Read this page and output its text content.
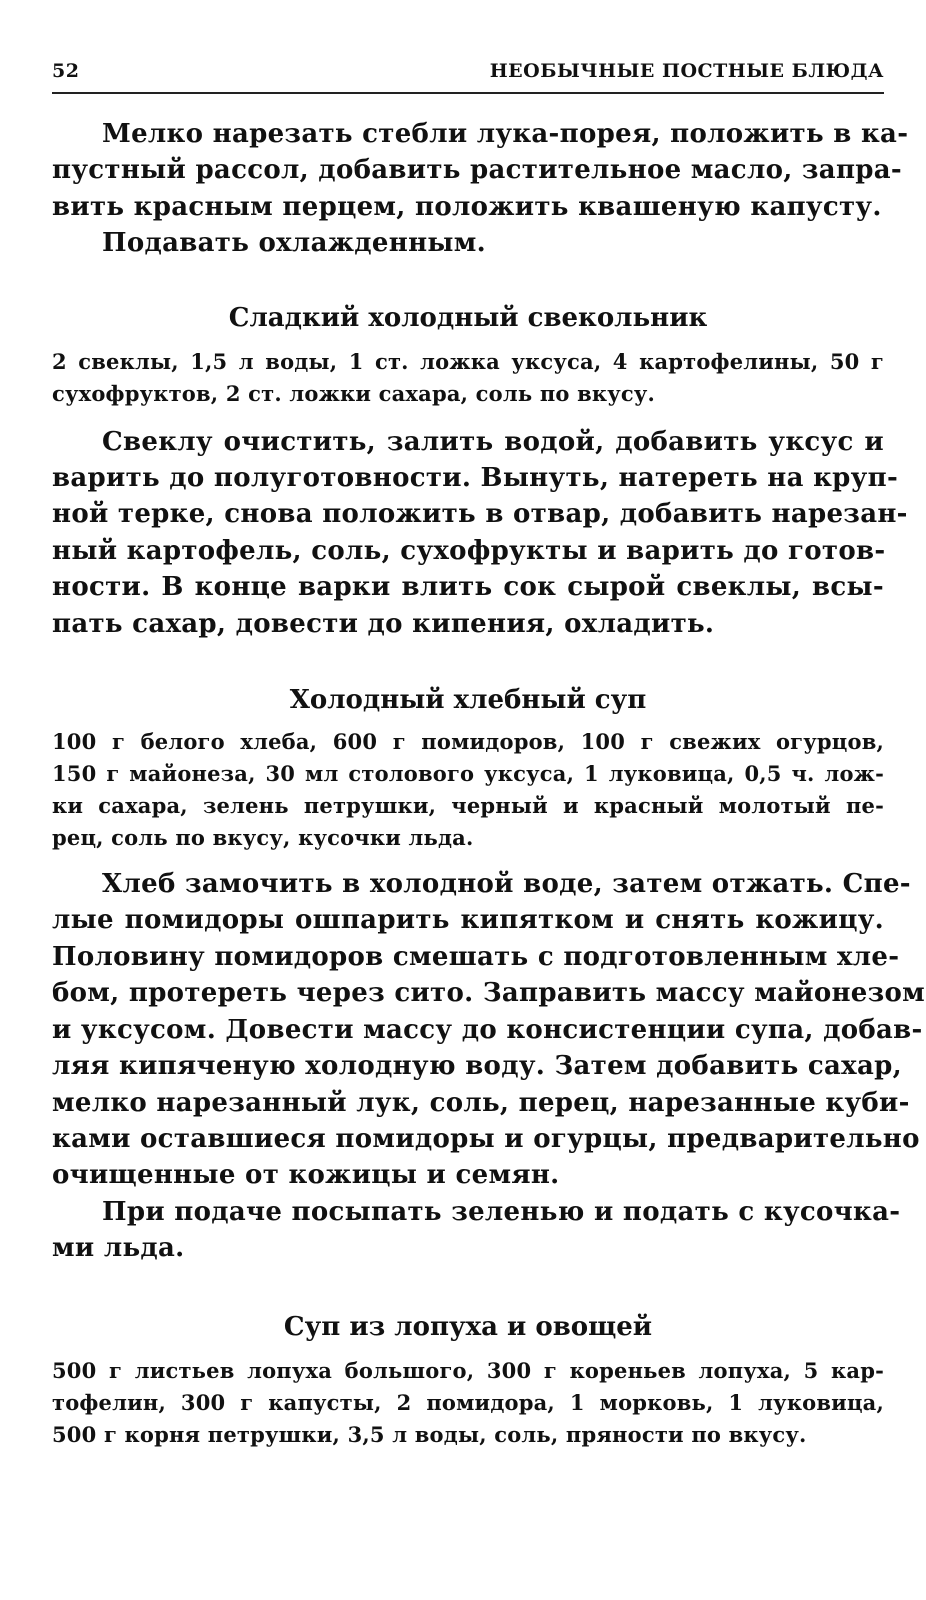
52	НЕОБЫЧНЫЕ ПОСТНЫЕ БЛЮДА
Мелко нарезать стебли лука-порея, положить в ка-
пустный рассол, добавить растительное масло, запра-
вить красным перцем, положить квашеную капусту.
Подавать охлажденным.
Сладкий холодный свекольник
2 свеклы, 1,5 л воды, 1 ст. ложка уксуса, 4 картофелины, 50 г
сухофруктов, 2 ст. ложки сахара, соль по вкусу.
Свеклу очистить, залить водой, добавить уксус и
варить до полуготовности. Вынуть, натереть на круп-
ной терке, снова положить в отвар, добавить нарезан-
ный картофель, соль, сухофрукты и варить до готов-
ности. В конце варки влить сок сырой свеклы, всы-
пать сахар, довести до кипения, охладить.
Холодный хлебный суп
100 г белого хлеба, 600 г помидоров, 100 г свежих огурцов,
150 г майонеза, 30 мл столового уксуса, 1 луковица, 0,5 ч. лож-
ки сахара, зелень петрушки, черный и красный молотый пе-
рец, соль по вкусу, кусочки льда.
Хлеб замочить в холодной воде, затем отжать. Спе-
лые помидоры ошпарить кипятком и снять кожицу.
Половину помидоров смешать с подготовленным хле-
бом, протереть через сито. Заправить массу майонезом
и уксусом. Довести массу до консистенции супа, добав-
ляя кипяченую холодную воду. Затем добавить сахар,
мелко нарезанный лук, соль, перец, нарезанные куби-
ками оставшиеся помидоры и огурцы, предварительно
очищенные от кожицы и семян.
При подаче посыпать зеленью и подать с кусочка-
ми льда.
Суп из лопуха и овощей
500 г листьев лопуха большого, 300 г кореньев лопуха, 5 кар-
тофелин, 300 г капусты, 2 помидора, 1 морковь, 1 луковица,
500 г корня петрушки, 3,5 л воды, соль, пряности по вкусу.
